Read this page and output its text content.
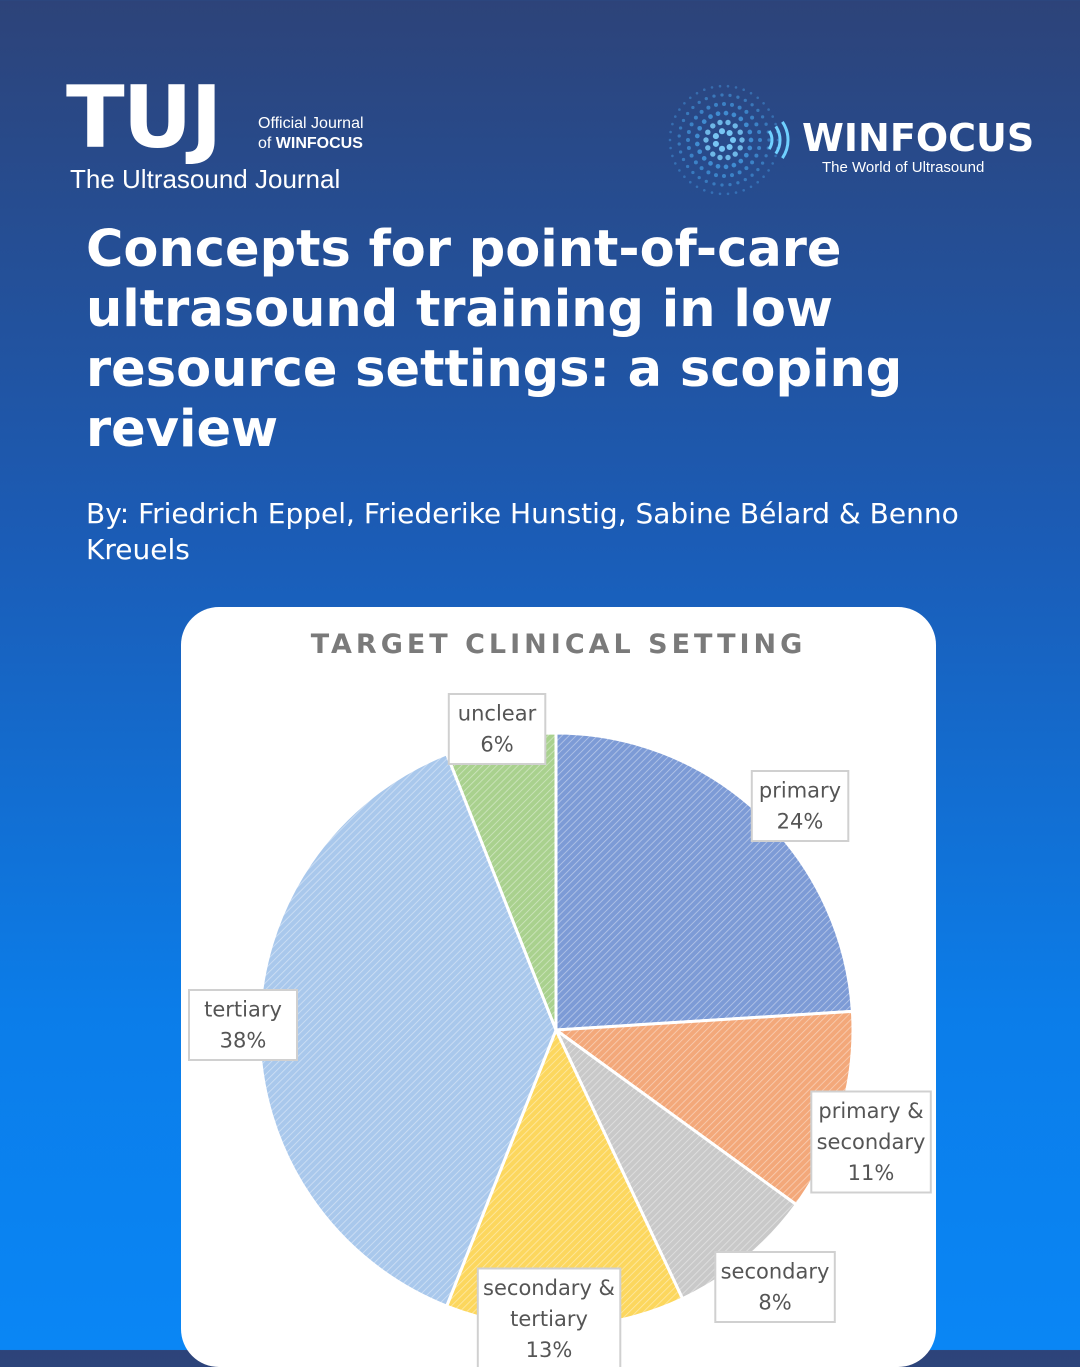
TUJ Official Journal
of WINFOCUS
The Ultrasound Journal
WINFOCUS
The World of Ultrasound
Concepts for point-of-care ultrasound training in low resource settings: a scoping review
By: Friedrich Eppel, Friederike Hunstig, Sabine Bélard & Benno Kreuels
TARGET CLINICAL SETTING
primary
24%
primary &
secondary
11%
secondary
8%
secondary &
tertiary
13%
tertiary
38%
unclear
6%
